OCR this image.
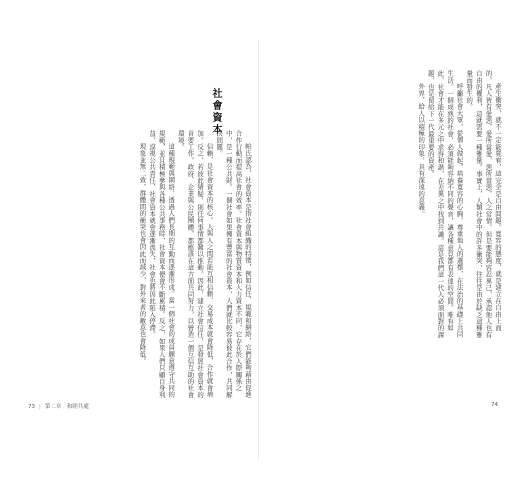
社會資本

帕氏認為，社會資本是指社會組織的特徵，例如信任、規範和網絡，它們能夠藉由促進合作行動而提高社會的效率。社會資本與物質資本和人力資本不同，它存在於人際關係之中，是一種公共財。一個社會如果擁有豐富的社會資本，人們就比較容易彼此合作，共同解決問題。

信賴，是社會資本的核心。人與人之間若能互相信賴，交易成本就會降低，合作就會增加。反之，若彼此猜疑，則任何事情都難以推動。因此，建立社會信任，是發展社會資本的首要工作。政府、企業與公民團體，都應該在這方面共同努力，以營造一個互信互助的社會環境。

這種規範與網絡，透過人們長期的互動而逐漸形成。當一個社會的成員願意遵守共同的規範，並且積極參與各種公共事務時，社會資本便會不斷累積。反之，如果人們只顧自身利益，漠視公共責任，社會資本就會逐漸流失，社會也將因此陷入停滯。

現象並無二致，群體間的衝突也會因此而減少，對外來者的敵意也會降低。

73 | 第二章　和睦共處

產生衝突，就不一定能寬宥，這完全是自由問題。寬容的態度，就是建立在自由上面的。凡人皆有愛惡，愛所當愛，惡所當惡，人之常情。但是要能夠容忍異己，承認他人也有自由的權利，這就需要一種雅量。事實上，人類社會中的許多衝突，往往是由於缺乏這種雅量而發生的。

呼籲社會大眾，從個人做起，培養寬容的心胸，尊重他人的選擇，在法治的基礎上共同生活。一個成熟的社會，必須能夠容納不同的聲音，讓各種意見都有表達的空間。唯有如此，社會才能在多元之中求得和諧，在差異之中找到共識。這是我們這一代人必須面對的課題，也是留給下一代最重要的資產。

外界，給人以積極的印象，具有深遠的意義。

74
